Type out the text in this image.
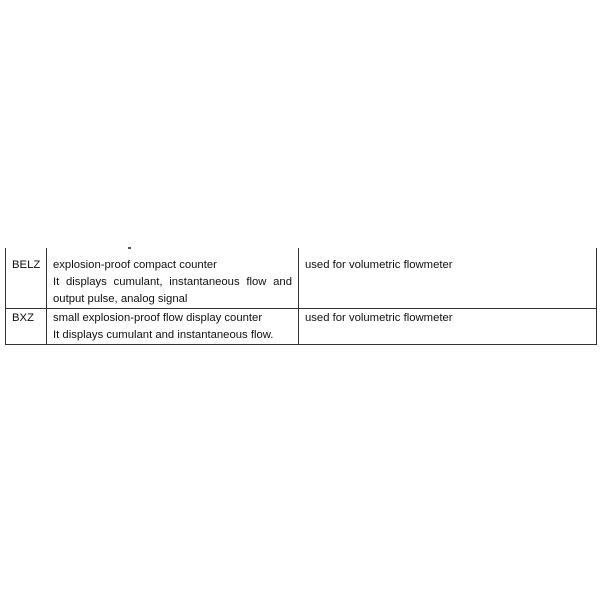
BELZ	explosion-proof compact counter
It displays cumulant, instantaneous flow and
output pulse, analog signal	used for volumetric flowmeter
BXZ	small explosion-proof flow display counter
It displays cumulant and instantaneous flow.	used for volumetric flowmeter
